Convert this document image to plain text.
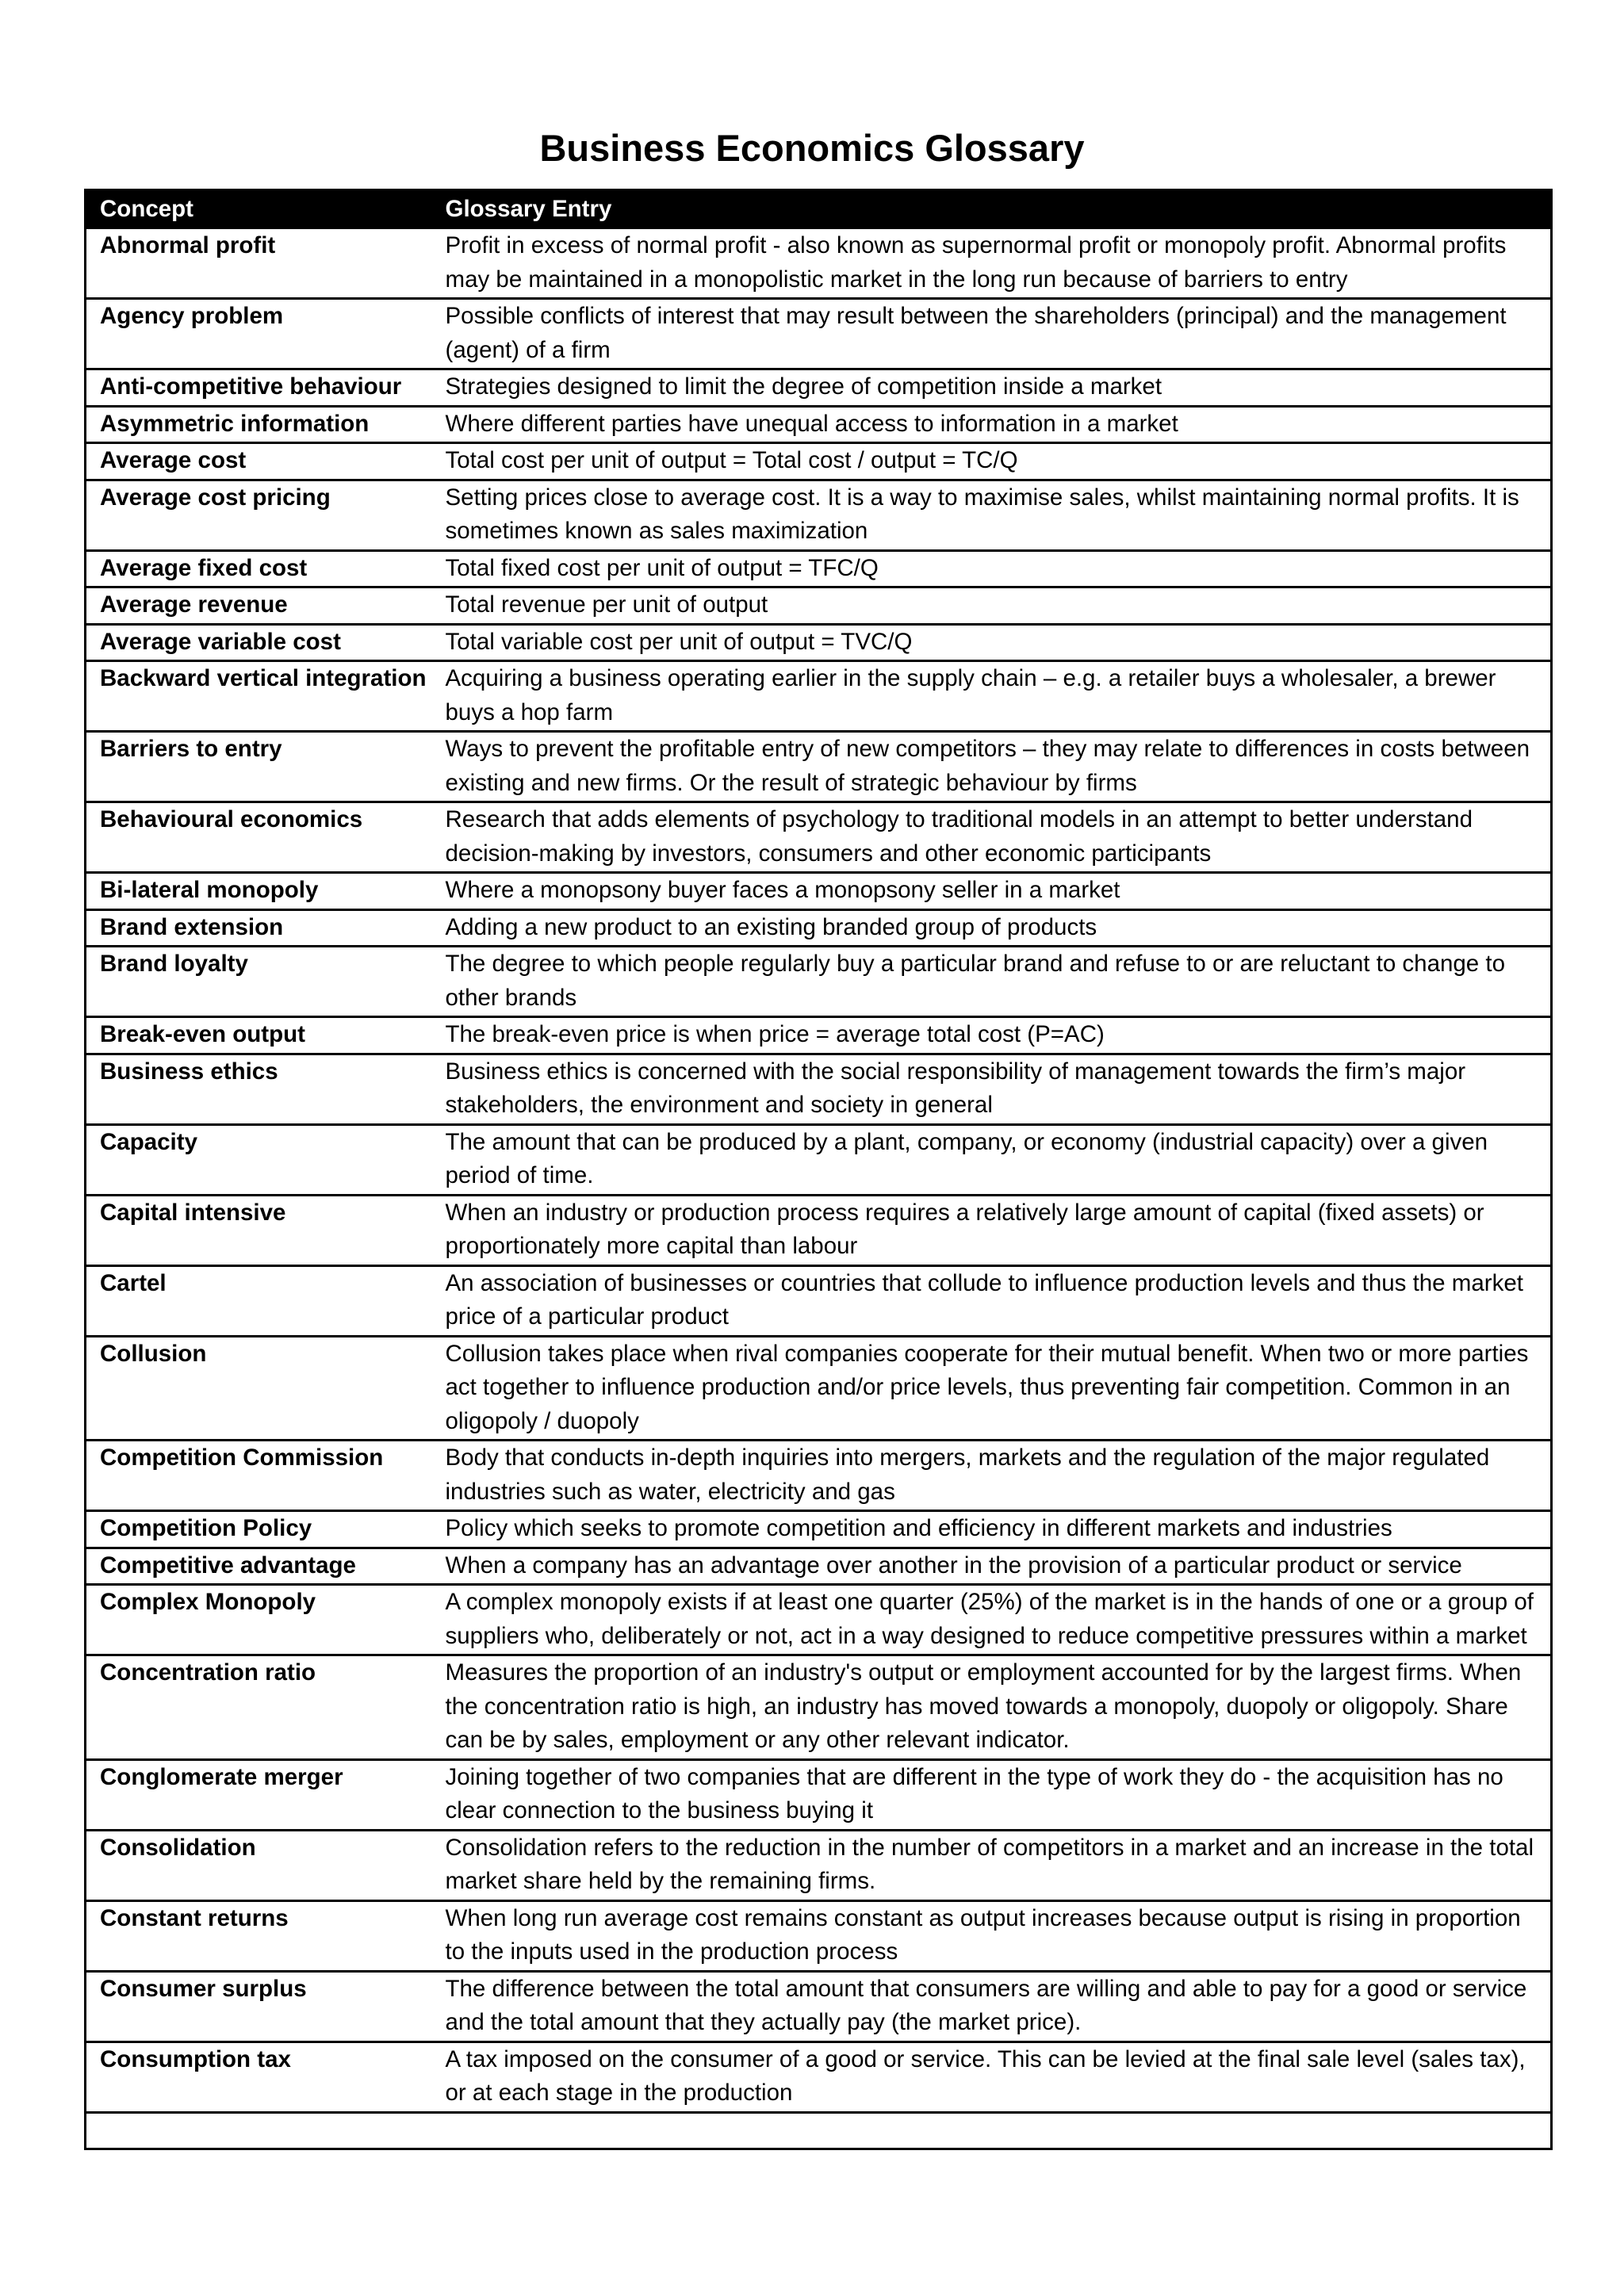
Business Economics Glossary
Concept	Glossary Entry
Abnormal profit	Profit in excess of normal profit - also known as supernormal profit or monopoly profit. Abnormal profits may be maintained in a monopolistic market in the long run because of barriers to entry
Agency problem	Possible conflicts of interest that may result between the shareholders (principal) and the management (agent) of a firm
Anti-competitive behaviour	Strategies designed to limit the degree of competition inside a market
Asymmetric information	Where different parties have unequal access to information in a market
Average cost	Total cost per unit of output = Total cost / output = TC/Q
Average cost pricing	Setting prices close to average cost. It is a way to maximise sales, whilst maintaining normal profits. It is sometimes known as sales maximization
Average fixed cost	Total fixed cost per unit of output = TFC/Q
Average revenue	Total revenue per unit of output
Average variable cost	Total variable cost per unit of output = TVC/Q
Backward vertical integration	Acquiring a business operating earlier in the supply chain – e.g. a retailer buys a wholesaler, a brewer buys a hop farm
Barriers to entry	Ways to prevent the profitable entry of new competitors – they may relate to differences in costs between existing and new firms. Or the result of strategic behaviour by firms
Behavioural economics	Research that adds elements of psychology to traditional models in an attempt to better understand decision-making by investors, consumers and other economic participants
Bi-lateral monopoly	Where a monopsony buyer faces a monopsony seller in a market
Brand extension	Adding a new product to an existing branded group of products
Brand loyalty	The degree to which people regularly buy a particular brand and refuse to or are reluctant to change to other brands
Break-even output	The break-even price is when price = average total cost (P=AC)
Business ethics	Business ethics is concerned with the social responsibility of management towards the firm’s major stakeholders, the environment and society in general
Capacity	The amount that can be produced by a plant, company, or economy (industrial capacity) over a given period of time.
Capital intensive	When an industry or production process requires a relatively large amount of capital (fixed assets) or proportionately more capital than labour
Cartel	An association of businesses or countries that collude to influence production levels and thus the market price of a particular product
Collusion	Collusion takes place when rival companies cooperate for their mutual benefit. When two or more parties act together to influence production and/or price levels, thus preventing fair competition. Common in an oligopoly / duopoly
Competition Commission	Body that conducts in-depth inquiries into mergers, markets and the regulation of the major regulated industries such as water, electricity and gas
Competition Policy	Policy which seeks to promote competition and efficiency in different markets and industries
Competitive advantage	When a company has an advantage over another in the provision of a particular product or service
Complex Monopoly	A complex monopoly exists if at least one quarter (25%) of the market is in the hands of one or a group of suppliers who, deliberately or not, act in a way designed to reduce competitive pressures within a market
Concentration ratio	Measures the proportion of an industry's output or employment accounted for by the largest firms. When the concentration ratio is high, an industry has moved towards a monopoly, duopoly or oligopoly. Share can be by sales, employment or any other relevant indicator.
Conglomerate merger	Joining together of two companies that are different in the type of work they do - the acquisition has no clear connection to the business buying it
Consolidation	Consolidation refers to the reduction in the number of competitors in a market and an increase in the total market share held by the remaining firms.
Constant returns	When long run average cost remains constant as output increases because output is rising in proportion to the inputs used in the production process
Consumer surplus	The difference between the total amount that consumers are willing and able to pay for a good or service and the total amount that they actually pay (the market price).
Consumption tax	A tax imposed on the consumer of a good or service. This can be levied at the final sale level (sales tax), or at each stage in the production
